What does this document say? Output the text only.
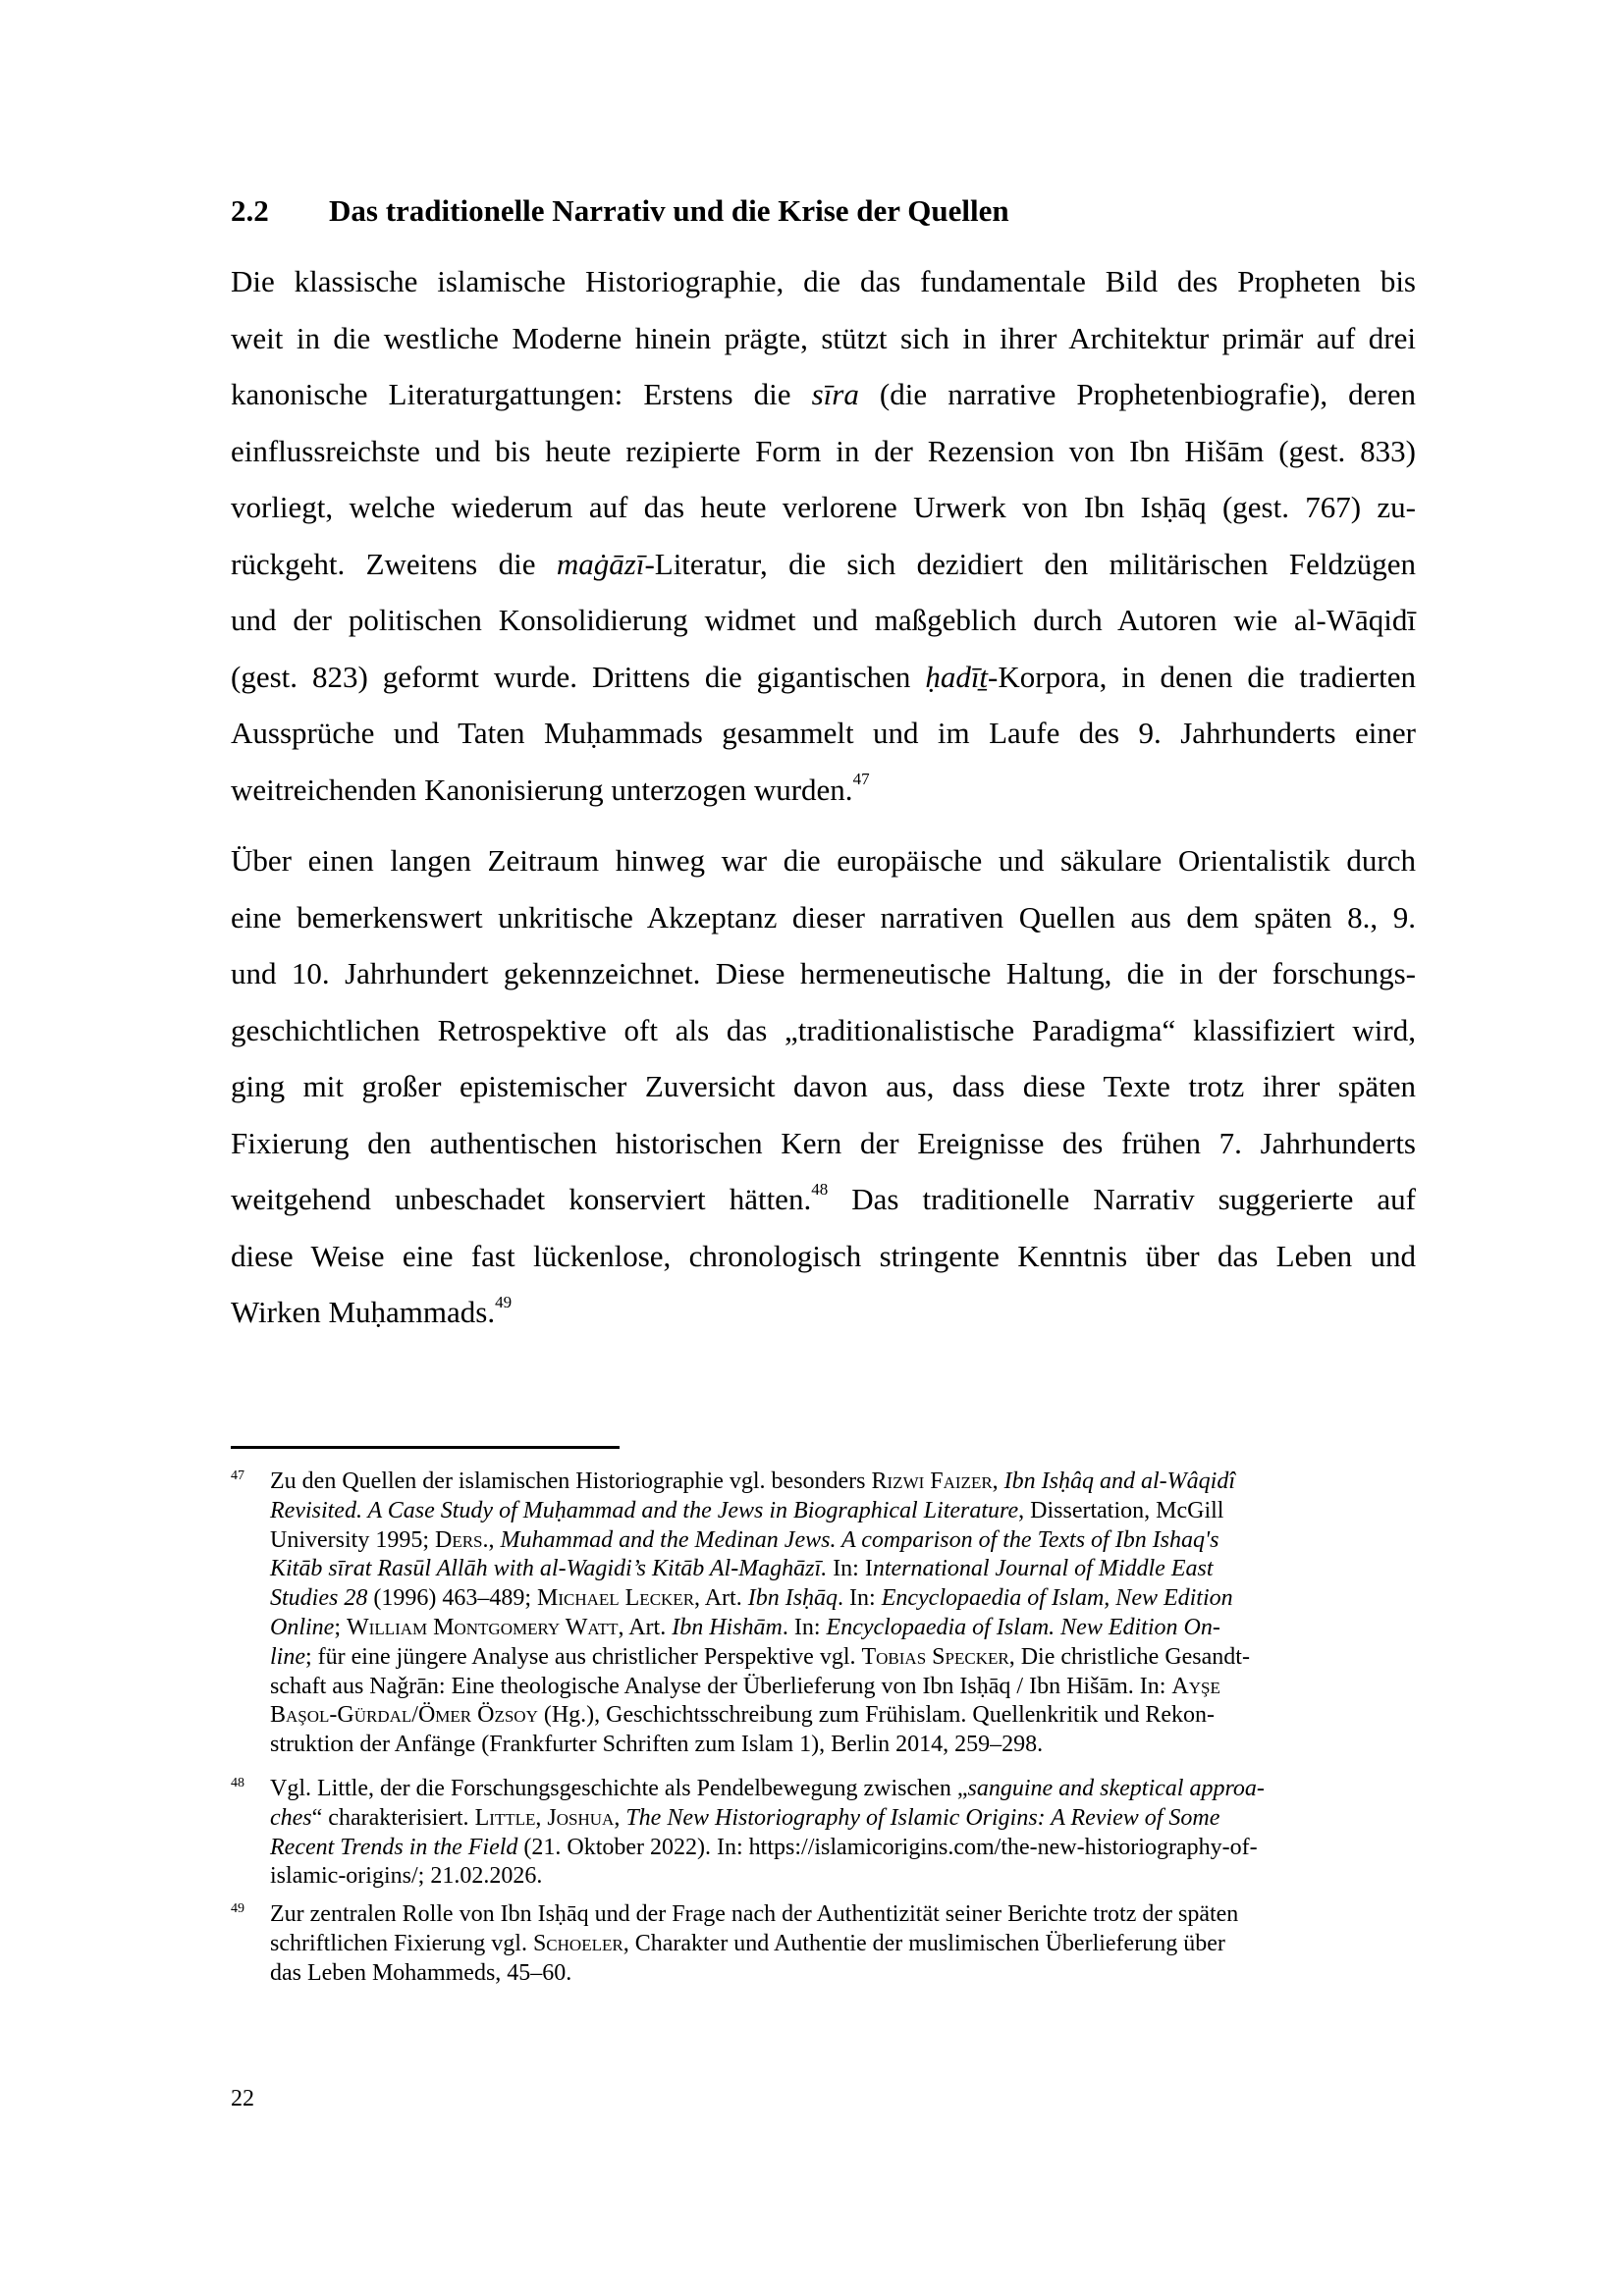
2.2 Das traditionelle Narrativ und die Krise der Quellen
Die klassische islamische Historiographie, die das fundamentale Bild des Propheten bis
weit in die westliche Moderne hinein prägte, stützt sich in ihrer Architektur primär auf drei
kanonische Literaturgattungen: Erstens die sīra (die narrative Prophetenbiografie), deren
einflussreichste und bis heute rezipierte Form in der Rezension von Ibn Hišām (gest. 833)
vorliegt, welche wiederum auf das heute verlorene Urwerk von Ibn Isḥāq (gest. 767) zu-
rückgeht. Zweitens die maġāzī-Literatur, die sich dezidiert den militärischen Feldzügen
und der politischen Konsolidierung widmet und maßgeblich durch Autoren wie al-Wāqidī
(gest. 823) geformt wurde. Drittens die gigantischen ḥadīṯ-Korpora, in denen die tradierten
Aussprüche und Taten Muḥammads gesammelt und im Laufe des 9. Jahrhunderts einer
weitreichenden Kanonisierung unterzogen wurden.$^{47}$
Über einen langen Zeitraum hinweg war die europäische und säkulare Orientalistik durch
eine bemerkenswert unkritische Akzeptanz dieser narrativen Quellen aus dem späten 8., 9.
und 10. Jahrhundert gekennzeichnet. Diese hermeneutische Haltung, die in der forschungs-
geschichtlichen Retrospektive oft als das „traditionalistische Paradigma“ klassifiziert wird,
ging mit großer epistemischer Zuversicht davon aus, dass diese Texte trotz ihrer späten
Fixierung den authentischen historischen Kern der Ereignisse des frühen 7. Jahrhunderts
weitgehend unbeschadet konserviert hätten.$^{48}$ Das traditionelle Narrativ suggerierte auf
diese Weise eine fast lückenlose, chronologisch stringente Kenntnis über das Leben und
Wirken Muḥammads.$^{49}$
47 Zu den Quellen der islamischen Historiographie vgl. besonders Rizwi Faizer, Ibn Isḥâq and al-Wâqidî
Revisited. A Case Study of Muḥammad and the Jews in Biographical Literature, Dissertation, McGill
University 1995; Ders., Muhammad and the Medinan Jews. A comparison of the Texts of Ibn Ishaq's
Kitāb sīrat Rasūl Allāh with al-Wagidi’s Kitāb Al-Maghāzī. In: International Journal of Middle East
Studies 28 (1996) 463–489; Michael Lecker, Art. Ibn Isḥāq. In: Encyclopaedia of Islam, New Edition
Online; William Montgomery Watt, Art. Ibn Hishām. In: Encyclopaedia of Islam. New Edition On-
line; für eine jüngere Analyse aus christlicher Perspektive vgl. Tobias Specker, Die christliche Gesandt-
schaft aus Naǧrān: Eine theologische Analyse der Überlieferung von Ibn Isḥāq / Ibn Hišām. In: Ayşe
Başol-Gürdal/Ömer Özsoy (Hg.), Geschichtsschreibung zum Frühislam. Quellenkritik und Rekon-
struktion der Anfänge (Frankfurter Schriften zum Islam 1), Berlin 2014, 259–298.
48 Vgl. Little, der die Forschungsgeschichte als Pendelbewegung zwischen „sanguine and skeptical approa-
ches“ charakterisiert. Little, Joshua, The New Historiography of Islamic Origins: A Review of Some
Recent Trends in the Field (21. Oktober 2022). In: https://islamicorigins.com/the-new-historiography-of-
islamic-origins/; 21.02.2026.
49 Zur zentralen Rolle von Ibn Isḥāq und der Frage nach der Authentizität seiner Berichte trotz der späten
schriftlichen Fixierung vgl. Schoeler, Charakter und Authentie der muslimischen Überlieferung über
das Leben Mohammeds, 45–60.
22
